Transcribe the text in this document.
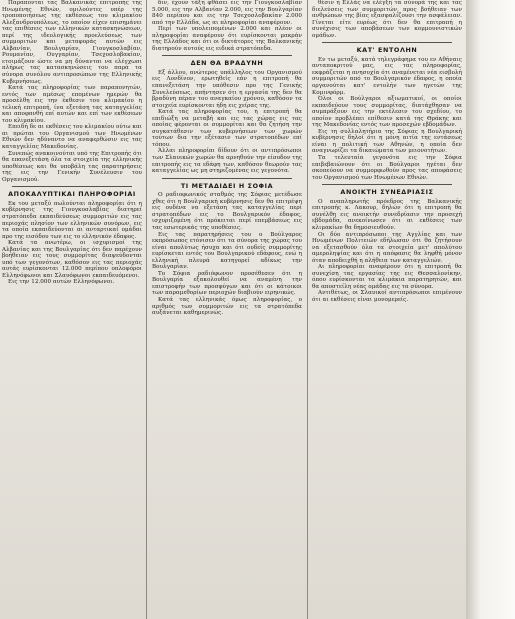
Παραπονται τας Βαλκανικάς επιτροπής της Ηνωμένης Εθνών, ομιλούντες υπέρ της τροποποιήσεως της εκθέσεως του κλιμακίου Αλεξανδρουπόλεως, το οποίον είχεν επισημάνει τας επιθέσεις των ελληνικών κατασκηνώσεων, περί της ιδεολογικής προελεύσεως των συμμοριτών και μεταφοράς αυτών εις Αλβανίαν, Βουλγαρίαν, Γιουγκοσλαβίαν, Ρουμανίαν, Ουγγαρίαν, Τσεχοσλοβακίαν, ετοιμάζουν ώστε να μη δύνανται να ελέγχωσι πλήρως τας κατασκηνώσεις του παρά τα σύνορα συνόλου αντιπροσώπων της Ελληνικής Κυβερνήσεως.

Κατά τας πληροφορίας των παραπονητών, εντός των αμέσως επομένων ημερών θα προσέλθη εις την έκθεσιν του κλιμακίου η τελική επιτροπή, ίνα εξετάση τας καταγγελίας και αποφανθή επί αυτών και επί των εκθέσεων του κλιμακίου.

Επειδή δε αι εκθέσεις του κλιμακίου ούτω και αι πρώται του Οργανισμού των Ηνωμένων Εθνών δεν ηδύναντο να αναφερθώσιν εις τας καταγγελίας Μακεδονίας.

Συνεπώς ανακοινούται υπό της Επιτροπής ότι θα επανεξετάση όλα τα στοιχεία της ελληνικής υποθέσεως και θα υποβάλη τας παρατηρήσεις της εις την Γενικήν Συνέλευσιν του Οργανισμού.

ΑΠΟΚΑΛΥΠΤΙΚΑΙ ΠΛΗΡΟΦΟΡΙΑΙ

Εκ του μεταξύ πωλούνται πληροφορίαι ότι η κυβέρνησις της Γιουγκοσλαβίας διατηρεί στρατόπεδα εκπαιδεύσεως συμμοριτών εις τας περιοχάς πλησίον των ελληνικών συνόρων, εις τα οποία εκπαιδεύονται αι ανταρτικαί ομάδαι προ της εισόδου των εις το ελληνικόν έδαφος.

Κατά τα ανωτέρω, οι ισχυρισμοί της Αλβανίας και της Βουλγαρίας ότι δεν παρέχουν βοήθειαν εις τους συμμορίτας διαψεύδονται υπό των γεγονότων, καθόσον εις τας περιοχάς αυτάς ευρίσκονται 12.000 περίπου οπλοφόροι Ελληνόφωνοι και Σλαυόφωνοι εκπαιδευόμενοι.

Εις την 12.000 αυτών Ελληνόφωνοι.

διν, έχουν τάξη φθάσει εις την Γιουγκοσλαβίαν 5.000, εις την Αλβανίαν 2.000, εις την Βουλγαρίαν 840 περίπου και εις την Τσεχοσλοβακίαν 2.000 από την Ελλάδα, ως αι πληροφορίαι αναφέρουν.

Περί των υπολειπομένων 2.000 και πλέον οι πληροφορίαι αναφέρουν ότι ευρίσκονται μακράν της Ελλάδος και ότι οι δικτάτορες της Βαλκανικής διατηρούν αυτούς εις ειδικά στρατόπεδα.

ΔΕΝ ΘΑ ΒΡΑΔΥΝΗ

Εξ άλλου, ανώτερος υπάλληλος του Οργανισμού εις Λονδίνον, ερωτηθείς εάν η επιτροπή θα επανεξετάση την υπόθεσιν προ της Γενικής Συνελεύσεως, απήντησεν ότι η εργασία της δεν θα βραδύνη πέραν του αναγκαίου χρόνου, καθόσον τα στοιχεία ευρίσκονται ήδη εις χείρας της.

Κατά τας πληροφορίας του, η επιτροπή θα επιδιώξη να μεταβή και εις τας χώρας εις τας οποίας φέρονται οι συμμορίται και θα ζητήση την συγκατάθεσιν των κυβερνήσεων των χωρών τούτων δια την εξέτασιν των στρατοπέδων επί τόπου.

Άλλαι πληροφορίαι δίδουν ότι οι αντιπρόσωποι των Σλαυικών χωρών θα αρνηθούν την είσοδον της επιτροπής εις τα εδάφη των, καθόσον θεωρούν τας καταγγελίας ως μη στηριζομένας εις γεγονότα.

ΤΙ ΜΕΤΑΔΙΔΕΙ Η ΣΟΦΙΑ

Ο ραδιοφωνικός σταθμός της Σόφιας μετέδωσε χθες ότι η Βουλγαρική κυβέρνησις δεν θα επιτρέψη εις ουδένα να εξετάση τας καταγγελίας περί στρατοπέδων εις το Βουλγαρικόν έδαφος, ισχυριζομένη ότι πρόκειται περί επεμβάσεως εις τας εσωτερικάς της υποθέσεις.

Εις τας παρατηρήσεις του ο Βούλγαρος εκπρόσωπος ετόνισεν ότι τα σύνορα της χώρας του είναι απολύτως ήσυχα και ότι ουδείς συμμορίτης ευρίσκεται εντός του Βουλγαρικού εδάφους, ενώ η ελληνική πλευρά κατηγορεί αδίκως την Βουλγαρίαν.

Το Σόφια ραδιόφωνον προσέθεσεν ότι η Βουλγαρία εξακολουθεί να αναμένη την επιστροφήν των προσφύγων και ότι οι κάτοικοι των παραμεθορίων περιοχών διαβιούν ειρηνικώς.

Κατά τας ελληνικάς όμως πληροφορίας, ο αριθμός των συμμοριτών εις τα στρατόπεδα αυξάνεται καθημερινώς.

θέσιν η Ελλάς να ελέγξη τα σύνορά της και τας διελεύσεις των συμμοριτών, προς βοήθειαν των ανθρώπων της βίας εξασφαλίζουσι την ασφάλειαν. Γίνεται είτε ευρέως ότι δεν θα επιτραπή η συνέχισις των αποβάσεων των κομμουνιστικών ομάδων.

ΚΑΤ' ΕΝΤΟΛΗΝ

Εν τω μεταξύ, κατά τηλεγράφημα του εν Αθήναις ανταποκριτού μας, εις τας πληροφορίας, εκφράζεται η ανησυχία ότι αναμένεται νέα εισβολή συμμοριτών από το Βουλγαρικόν έδαφος, η οποία οργανούται κατ' εντολήν των ηγετών της Κομινφόρμ.

Όλοι οι Βούλγαροι αξιωματικοί, οι οποίοι εκπαιδεύουν τους συμμορίτας, διατάχθησαν να συμπράξουν εις την εκτέλεσιν του σχεδίου, το οποίον προβλέπει επίθεσιν κατά της Θράκης και της Μακεδονίας εντός των προσεχών εβδομάδων.

Εις τη συλλαλητήρια της Σόφιας η Βουλγαρική κυβέρνησις δηλοί ότι η μόνη αιτία της εντάσεως είναι η πολιτική των Αθηνών, η οποία δεν αναγνωρίζει τα δικαιώματα των μειονοτήτων.

Τα τελευταία γεγονότα εις την Σόφια επιβεβαιώνουν ότι οι Βούλγαροι ηγέται δεν σκοπεύουν να συμμορφωθούν προς τας αποφάσεις του Οργανισμού των Ηνωμένων Εθνών.

ΑΝΟΙΚΤΗ ΣΥΝΕΔΡΙΑΣΙΣ

Ο αναπληρωτής πρόεδρος της Βαλκανικής επιτροπής κ. Λακουρ, δηλών ότι η επιτροπή θα συνέλθη εις ανοικτήν συνεδρίασιν την προσεχή εβδομάδα, ανεκοίνωσεν ότι αι εκθέσεις των κλιμακίων θα δημοσιευθούν.

Οι δύο αντιπρόσωποι της Αγγλίας και των Ηνωμένων Πολιτειών εδήλωσαν ότι θα ζητήσουν να εξετασθούν όλα τα στοιχεία μετ' απολύτου αμεροληψίας και ότι η απόφασις θα ληφθή μόνον όταν αποδειχθή η αλήθεια των καταγγελιών.

Αι πληροφορίαι αναφέρουν ότι η επιτροπή θα συνεχίση τας εργασίας της εις Θεσσαλονίκην, όπου ευρίσκονται τα κλιμάκια παρατηρητών, και θα αποστείλη νέας ομάδας εις τα σύνορα.

Αντιθέτως, οι Σλαυικοί αντιπρόσωποι επιμένουν ότι αι εκθέσεις είναι μονομερείς.
